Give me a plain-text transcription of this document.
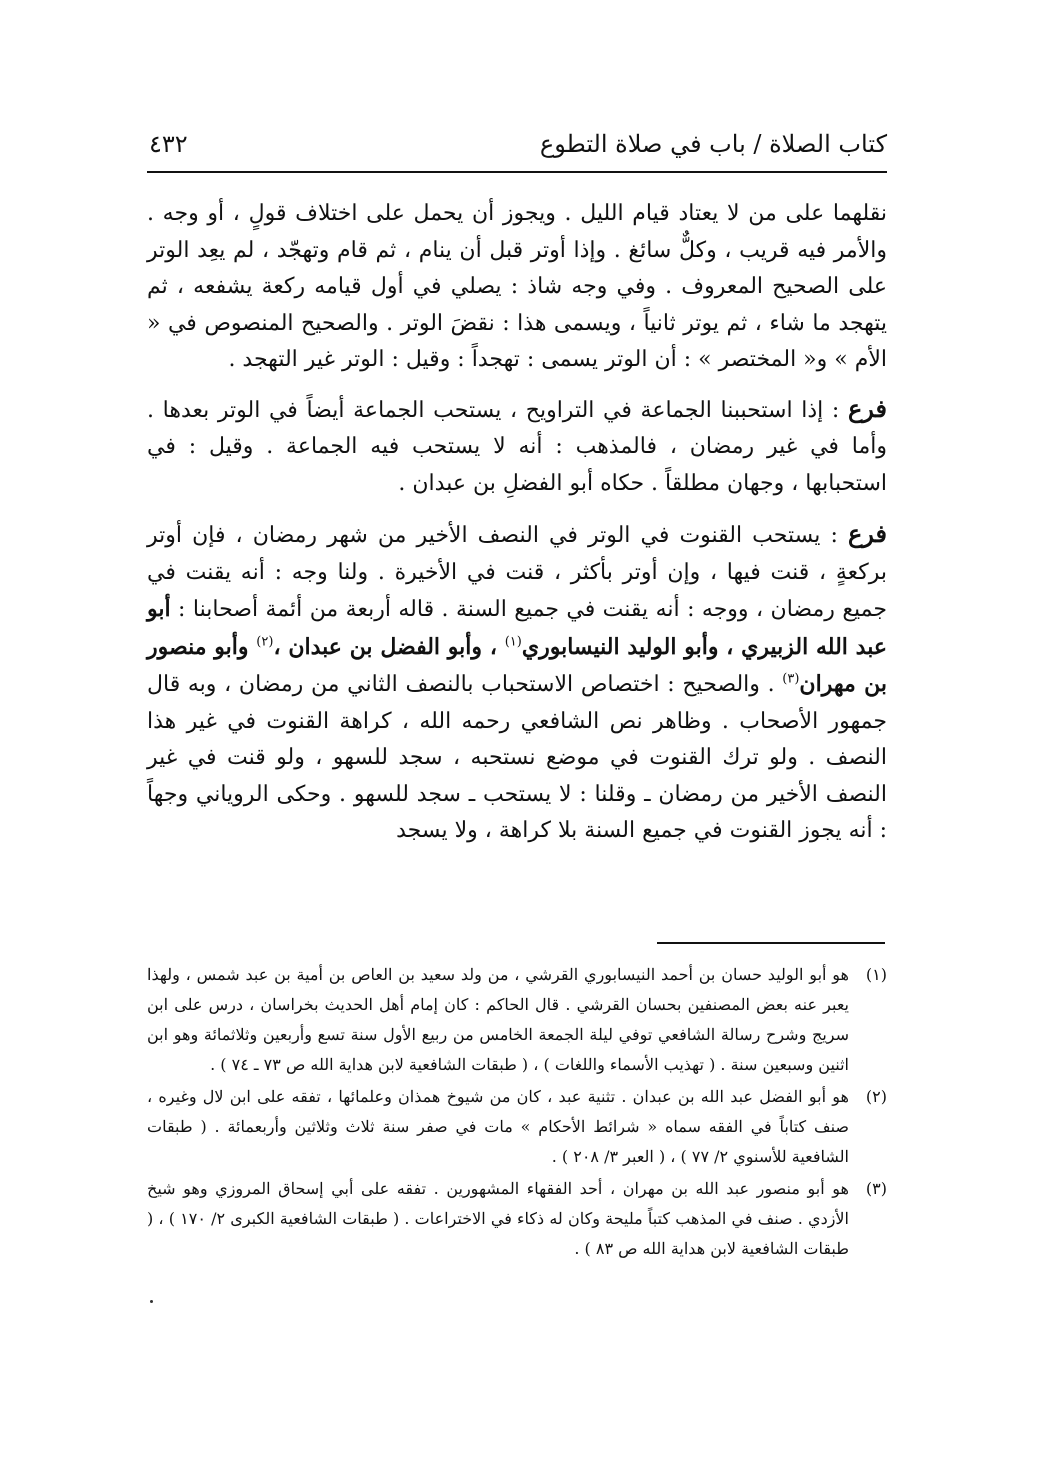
كتاب الصلاة / باب في صلاة التطوع
٤٣٢

نقلهما على من لا يعتاد قيام الليل . ويجوز أن يحمل على اختلاف قولٍ ، أو وجه . والأمر فيه قريب ، وكلٌّ سائغ . وإذا أوتر قبل أن ينام ، ثم قام وتهجّد ، لم يعِد الوتر على الصحيح المعروف . وفي وجه شاذ : يصلي في أول قيامه ركعة يشفعه ، ثم يتهجد ما شاء ، ثم يوتر ثانياً ، ويسمى هذا : نقضَ الوتر . والصحيح المنصوص في « الأم » و« المختصر » : أن الوتر يسمى : تهجداً : وقيل : الوتر غير التهجد .

فرع : إذا استحببنا الجماعة في التراويح ، يستحب الجماعة أيضاً في الوتر بعدها . وأما في غير رمضان ، فالمذهب : أنه لا يستحب فيه الجماعة . وقيل : في استحبابها ، وجهان مطلقاً . حكاه أبو الفضلِ بن عبدان .

فرع : يستحب القنوت في الوتر في النصف الأخير من شهر رمضان ، فإن أوتر بركعةٍ ، قنت فيها ، وإن أوتر بأكثر ، قنت في الأخيرة . ولنا وجه : أنه يقنت في جميع رمضان ، ووجه : أنه يقنت في جميع السنة . قاله أربعة من أئمة أصحابنا : أبو عبد الله الزبيري ، وأبو الوليد النيسابوري$^{(١)}$ ، وأبو الفضل بن عبدان ،$^{(٢)}$ وأبو منصور بن مهران$^{(٣)}$ . والصحيح : اختصاص الاستحباب بالنصف الثاني من رمضان ، وبه قال جمهور الأصحاب . وظاهر نص الشافعي رحمه الله ، كراهة القنوت في غير هذا النصف . ولو ترك القنوت في موضع نستحبه ، سجد للسهو ، ولو قنت في غير النصف الأخير من رمضان ـ وقلنا : لا يستحب ـ سجد للسهو . وحكى الروياني وجهاً : أنه يجوز القنوت في جميع السنة بلا كراهة ، ولا يسجد

(١)
هو أبو الوليد حسان بن أحمد النيسابوري القرشي ، من ولد سعيد بن العاص بن أمية بن عبد شمس ، ولهذا يعبر عنه بعض المصنفين بحسان القرشي . قال الحاكم : كان إمام أهل الحديث بخراسان ، درس على ابن سريج وشرح رسالة الشافعي توفي ليلة الجمعة الخامس من ربيع الأول سنة تسع وأربعين وثلاثمائة وهو ابن اثنين وسبعين سنة . ( تهذيب الأسماء واللغات ) ، ( طبقات الشافعية لابن هداية الله ص ٧٣ ـ ٧٤ ) .
(٢)
هو أبو الفضل عبد الله بن عبدان . تثنية عبد ، كان من شيوخ همذان وعلمائها ، تفقه على ابن لال وغيره ، صنف كتاباً في الفقه سماه « شرائط الأحكام » مات في صفر سنة ثلاث وثلاثين وأربعمائة . ( طبقات الشافعية للأسنوي ٢/ ٧٧ ) ، ( العبر ٣/ ٢٠٨ ) .
(٣)
هو أبو منصور عبد الله بن مهران ، أحد الفقهاء المشهورين . تفقه على أبي إسحاق المروزي وهو شيخ الأزدي . صنف في المذهب كتباً مليحة وكان له ذكاء في الاختراعات . ( طبقات الشافعية الكبرى ٢/ ١٧٠ ) ، ( طبقات الشافعية لابن هداية الله ص ٨٣ ) .
